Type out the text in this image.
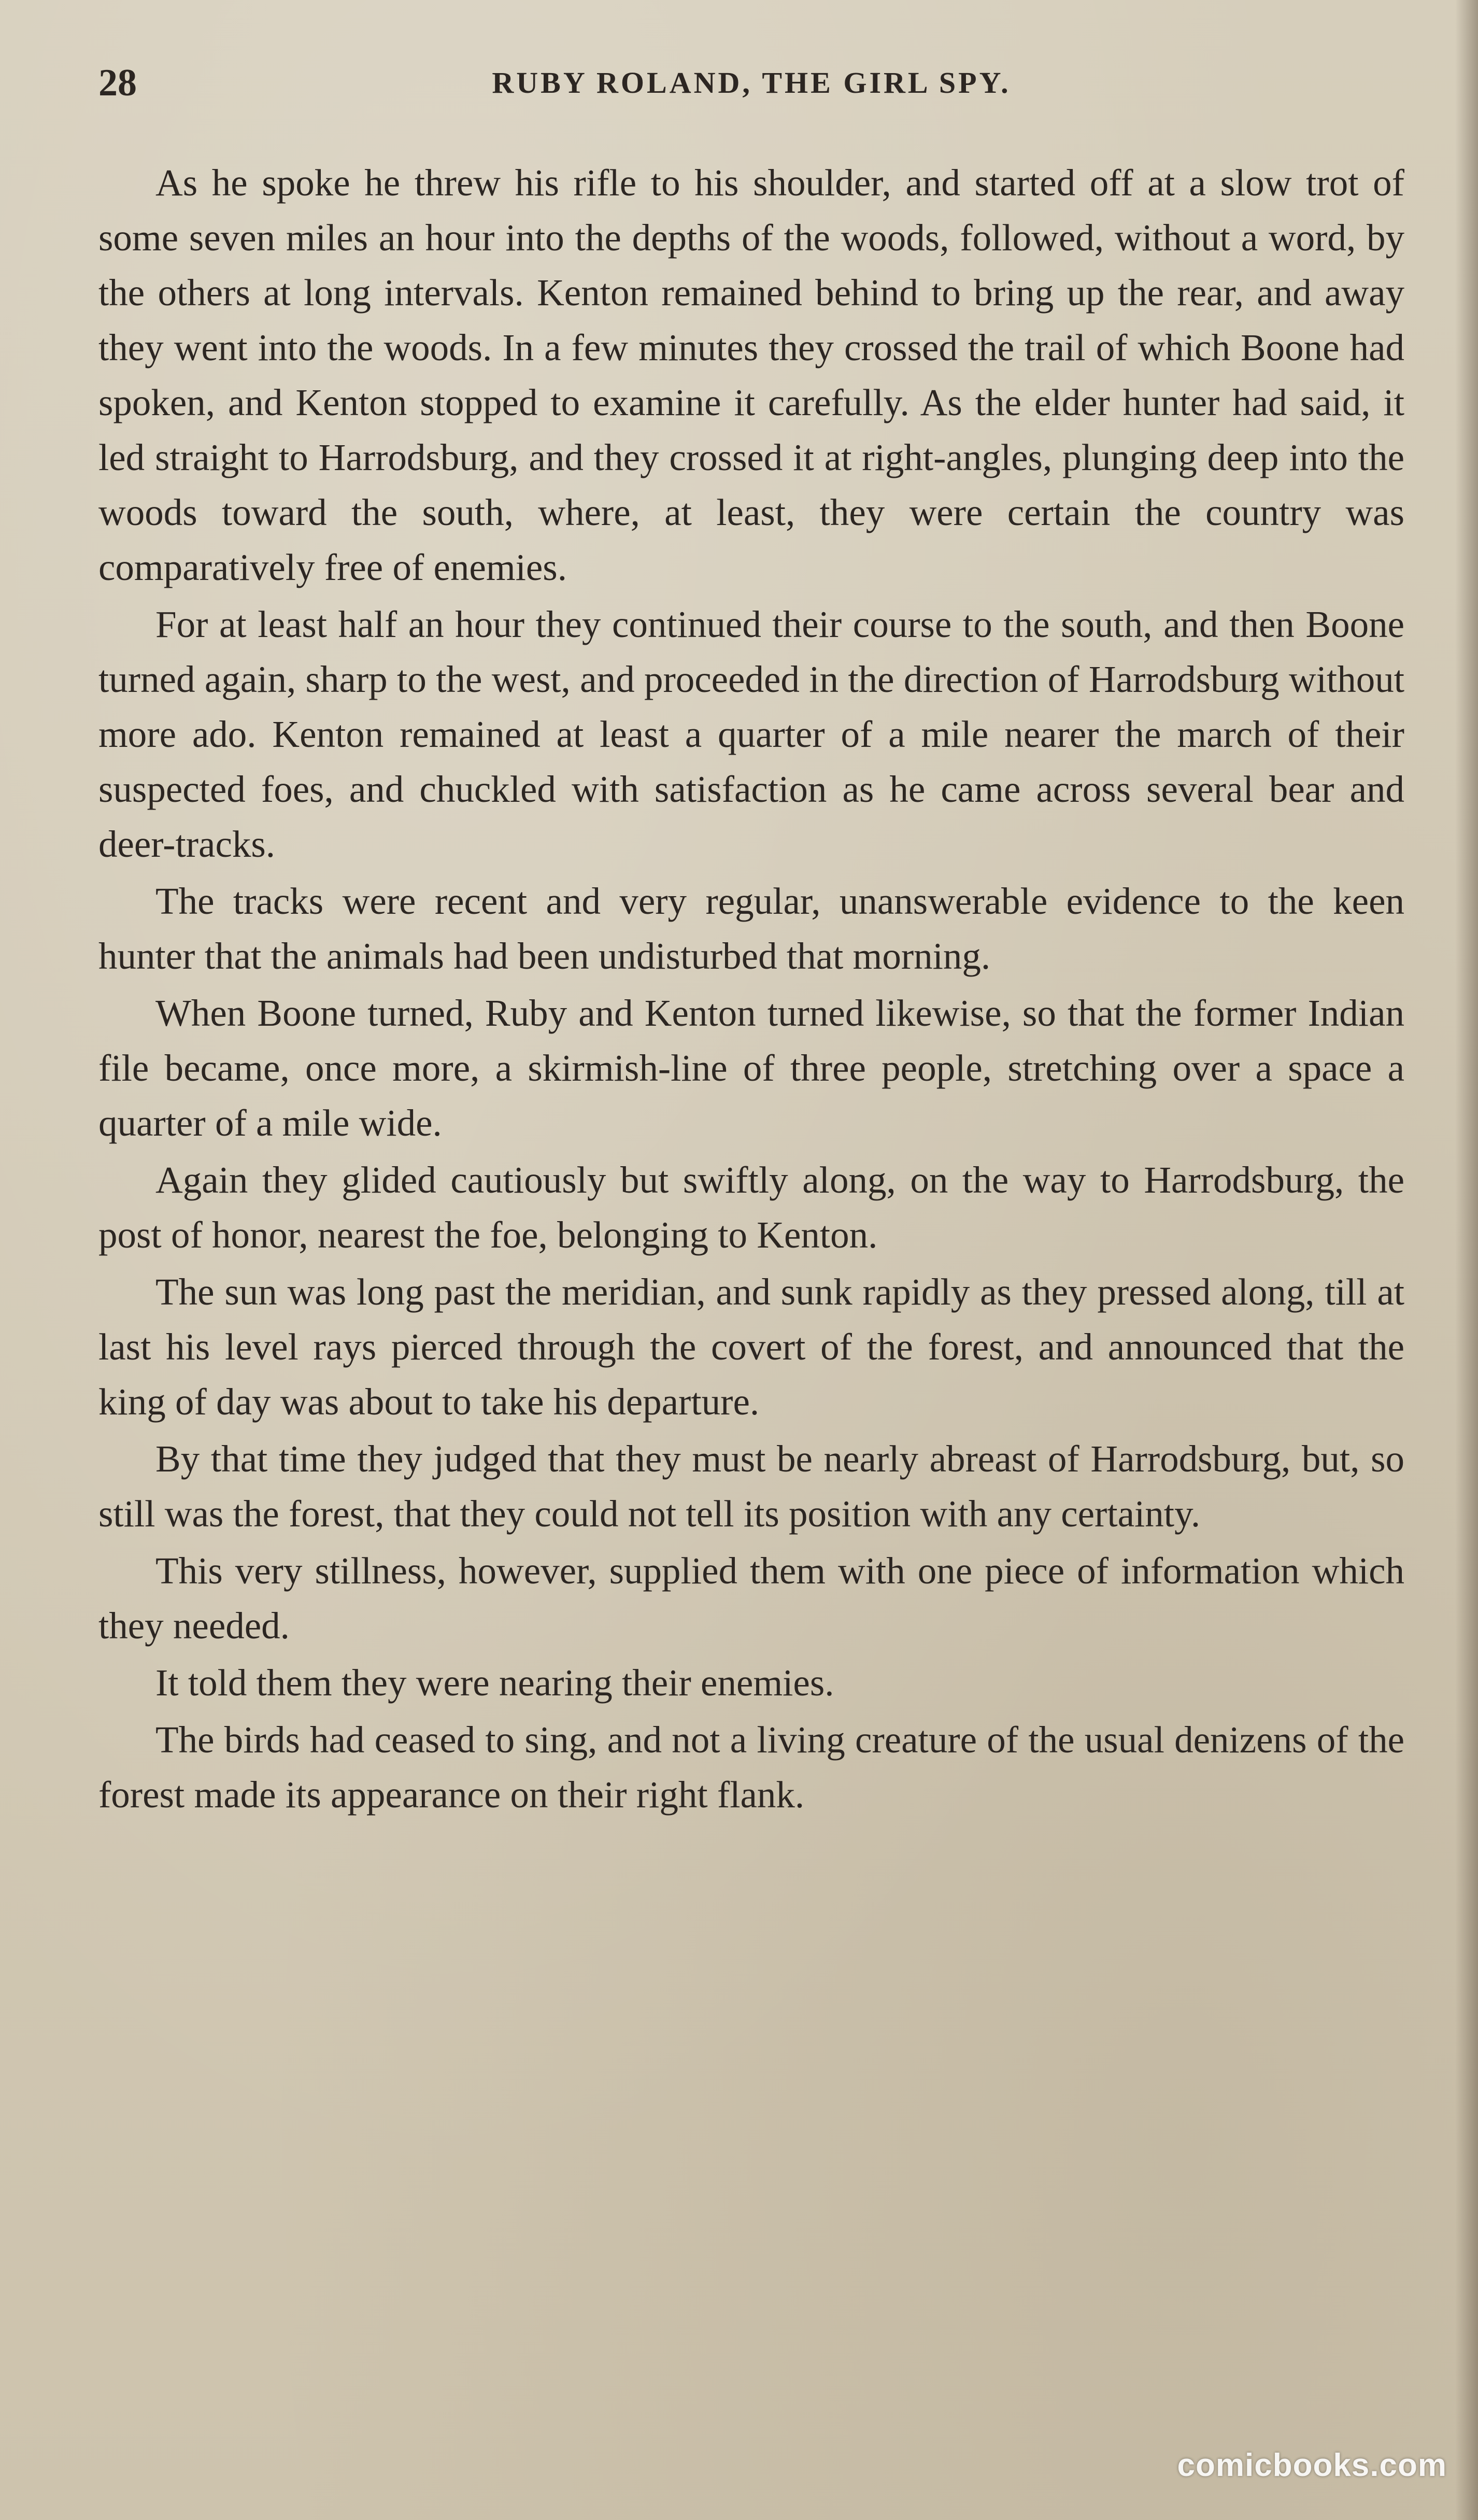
28	RUBY ROLAND, THE GIRL SPY.

As he spoke he threw his rifle to his shoulder, and started off at a slow trot of some seven miles an hour into the depths of the woods, followed, without a word, by the others at long intervals. Kenton remained behind to bring up the rear, and away they went into the woods. In a few minutes they crossed the trail of which Boone had spoken, and Kenton stopped to examine it carefully. As the elder hunter had said, it led straight to Harrodsburg, and they crossed it at right-angles, plunging deep into the woods toward the south, where, at least, they were certain the country was comparatively free of enemies.

For at least half an hour they continued their course to the south, and then Boone turned again, sharp to the west, and proceeded in the direction of Harrodsburg without more ado. Kenton remained at least a quarter of a mile nearer the march of their suspected foes, and chuckled with satisfaction as he came across several bear and deer-tracks.

The tracks were recent and very regular, unanswerable evidence to the keen hunter that the animals had been undisturbed that morning.

When Boone turned, Ruby and Kenton turned likewise, so that the former Indian file became, once more, a skirmish-line of three people, stretching over a space a quarter of a mile wide.

Again they glided cautiously but swiftly along, on the way to Harrodsburg, the post of honor, nearest the foe, belonging to Kenton.

The sun was long past the meridian, and sunk rapidly as they pressed along, till at last his level rays pierced through the covert of the forest, and announced that the king of day was about to take his departure.

By that time they judged that they must be nearly abreast of Harrodsburg, but, so still was the forest, that they could not tell its position with any certainty.

This very stillness, however, supplied them with one piece of information which they needed.

It told them they were nearing their enemies.

The birds had ceased to sing, and not a living creature of the usual denizens of the forest made its appearance on their right flank.

comicbooks.com
